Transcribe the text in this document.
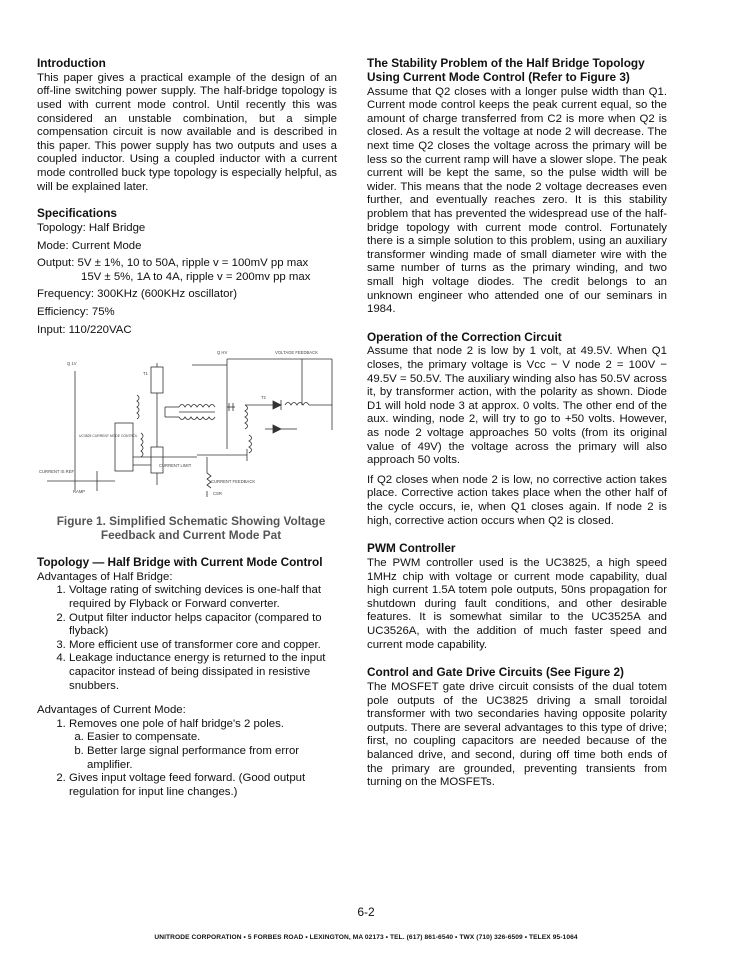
Introduction

This paper gives a practical example of the design of an off-line switching power supply. The half-bridge topology is used with current mode control. Until recently this was considered an unstable combination, but a simple compensation circuit is now available and is described in this paper. This power supply has two outputs and uses a coupled inductor. Using a coupled inductor with a current mode controlled buck type topology is especially helpful, as will be explained later.

Specifications
Topology: Half Bridge
Mode: Current Mode
Output: 5V ± 1%, 10 to 50A, ripple v = 100mV pp max
15V ± 5%, 1A to 4A, ripple v = 200mv pp max
Frequency: 300KHz (600KHz oscillator)
Efficiency: 75%
Input: 110/220VAC
Q HV	VOLTAGE FEEDBACK
Q 1V
UC3825 CURRENT MODE CONTROL
T1
T2
CURRENT IS REF
RAMP
CURRENT LIMIT
CURRENT FEEDBACK
CSR
Figure 1. Simplified Schematic Showing Voltage Feedback and Current Mode Pat
Topology — Half Bridge with Current Mode Control
Advantages of Half Bridge:
1. Voltage rating of switching devices is one-half that required by Flyback or Forward converter.
2. Output filter inductor helps capacitor (compared to flyback)
3. More efficient use of transformer core and copper.
4. Leakage inductance energy is returned to the input capacitor instead of being dissipated in resistive snubbers.
Advantages of Current Mode:
1. Removes one pole of half bridge's 2 poles.
a. Easier to compensate.
b. Better large signal performance from error amplifier.
2. Gives input voltage feed forward. (Good output regulation for input line changes.)
The Stability Problem of the Half Bridge Topology Using Current Mode Control (Refer to Figure 3)

Assume that Q2 closes with a longer pulse width than Q1. Current mode control keeps the peak current equal, so the amount of charge transferred from C2 is more when Q2 is closed. As a result the voltage at node 2 will decrease. The next time Q2 closes the voltage across the primary will be less so the current ramp will have a slower slope. The peak current will be kept the same, so the pulse width will be wider. This means that the node 2 voltage decreases even further, and eventually reaches zero. It is this stability problem that has prevented the widespread use of the half-bridge topology with current mode control. Fortunately there is a simple solution to this problem, using an auxiliary transformer winding made of small diameter wire with the same number of turns as the primary winding, and two small high voltage diodes. The credit belongs to an unknown engineer who attended one of our seminars in 1984.

Operation of the Correction Circuit

Assume that node 2 is low by 1 volt, at 49.5V. When Q1 closes, the primary voltage is Vcc − V node 2 = 100V − 49.5V = 50.5V. The auxiliary winding also has 50.5V across it, by transformer action, with the polarity as shown. Diode D1 will hold node 3 at approx. 0 volts. The other end of the aux. winding, node 2, will try to go to +50 volts. However, as node 2 voltage approaches 50 volts (from its original value of 49V) the voltage across the primary will also approach 50 volts.

If Q2 closes when node 2 is low, no corrective action takes place. Corrective action takes place when the other half of the cycle occurs, ie, when Q1 closes again. If node 2 is high, corrective action occurs when Q2 is closed.

PWM Controller

The PWM controller used is the UC3825, a high speed 1MHz chip with voltage or current mode capability, dual high current 1.5A totem pole outputs, 50ns propagation for shutdown during fault conditions, and other desirable features. It is somewhat similar to the UC3525A and UC3526A, with the addition of much faster speed and current mode capability.

Control and Gate Drive Circuits (See Figure 2)

The MOSFET gate drive circuit consists of the dual totem pole outputs of the UC3825 driving a small toroidal transformer with two secondaries having opposite polarity outputs. There are several advantages to this type of drive; first, no coupling capacitors are needed because of the balanced drive, and second, during off time both ends of the primary are grounded, preventing transients from turning on the MOSFETs.

6-2
UNITRODE CORPORATION • 5 FORBES ROAD • LEXINGTON, MA 02173 • TEL. (617) 861-6540 • TWX (710) 326-6509 • TELEX 95-1064
